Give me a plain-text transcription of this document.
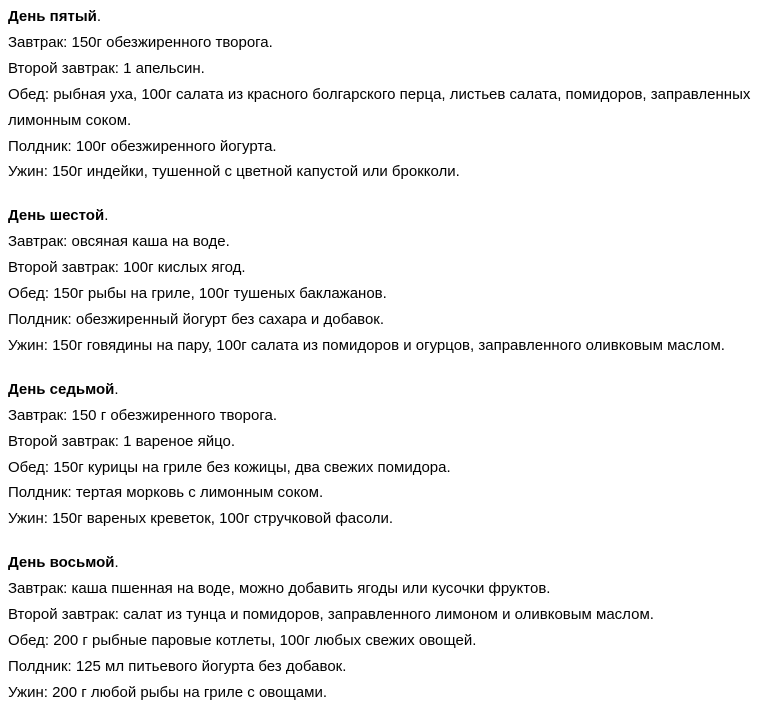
День пятый.
Завтрак: 150г обезжиренного творога.
Второй завтрак: 1 апельсин.
Обед: рыбная уха, 100г салата из красного болгарского перца, листьев салата, помидоров, заправленных лимонным соком.
Полдник: 100г обезжиренного йогурта.
Ужин: 150г индейки, тушенной с цветной капустой или брокколи.
День шестой.
Завтрак: овсяная каша на воде.
Второй завтрак: 100г кислых ягод.
Обед: 150г рыбы на гриле, 100г тушеных баклажанов.
Полдник: обезжиренный йогурт без сахара и добавок.
Ужин: 150г говядины на пару, 100г салата из помидоров и огурцов, заправленного оливковым маслом.
День седьмой.
Завтрак: 150 г обезжиренного творога.
Второй завтрак: 1 вареное яйцо.
Обед: 150г курицы на гриле без кожицы, два свежих помидора.
Полдник: тертая морковь с лимонным соком.
Ужин: 150г вареных креветок, 100г стручковой фасоли.
День восьмой.
Завтрак: каша пшенная на воде, можно добавить ягоды или кусочки фруктов.
Второй завтрак: салат из тунца и помидоров, заправленного лимоном и оливковым маслом.
Обед: 200 г рыбные паровые котлеты, 100г любых свежих овощей.
Полдник: 125 мл питьевого йогурта без добавок.
Ужин: 200 г любой рыбы на гриле с овощами.
